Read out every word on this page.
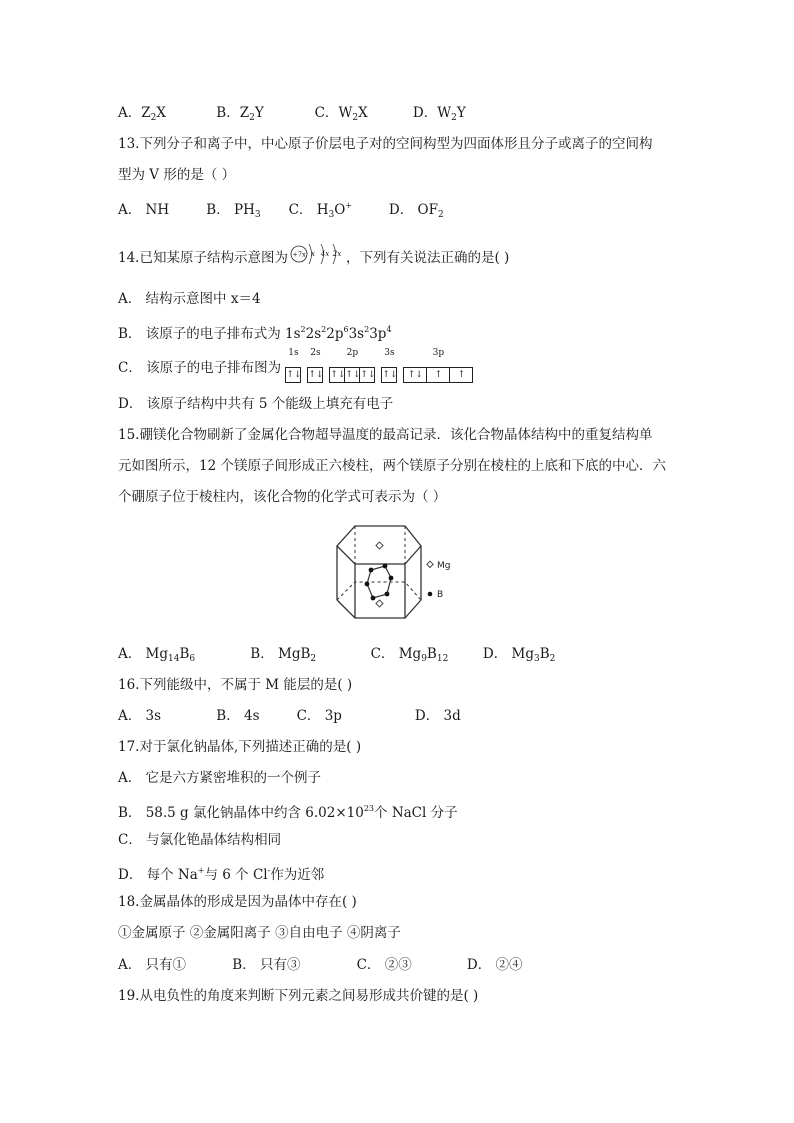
A．$Z_2X$	B．$Z_2Y$	C．$W_2X$	D．$W_2Y$
13.下列分子和离子中，中心原子价层电子对的空间构型为四面体形且分子或离子的空间构
型为 V 形的是（ ）
A． NH	B． $PH_3$ C． $H_3O^+$	D． $OF_2$
14.已知某原子结构示意图为 +7x x 4x 2x ，下列有关说法正确的是( )
A． 结构示意图中 x＝4
B． 该原子的电子排布式为 $1s^22s^22p^63s^23p^4$
C． 该原子的电子排布图为
1s
↑↓
2s
↑↓
2p
↑↓ ↑↓ ↑↓
3s
↑↓
3p
↑↓	↑	↑
D． 该原子结构中共有 5 个能级上填充有电子
15.硼镁化合物刷新了金属化合物超导温度的最高记录．该化合物晶体结构中的重复结构单
元如图所示，12 个镁原子间形成正六棱柱，两个镁原子分别在棱柱的上底和下底的中心．六
个硼原子位于棱柱内，该化合物的化学式可表示为（ ）
Mg
B
A． $Mg_{14}B_6$	B． MgB$_2$	C． $Mg_9B_{12}$	D． $Mg_3B_2$
16.下列能级中，不属于 M 能层的是( )
A． 3s	B． 4s	C． 3p	D． 3d
17.对于氯化钠晶体,下列描述正确的是( )
A． 它是六方紧密堆积的一个例子
B． 58.5 g 氯化钠晶体中约含 $6.02\times 10^{23}$个 NaCl 分子
C． 与氯化铯晶体结构相同
D． 每个 Na+与 6 个 Cl-作为近邻
18.金属晶体的形成是因为晶体中存在( )
①金属原子 ②金属阳离子 ③自由电子 ④阴离子
A． 只有①	B． 只有③	C． ②③	D． ②④
19.从电负性的角度来判断下列元素之间易形成共价键的是( )
